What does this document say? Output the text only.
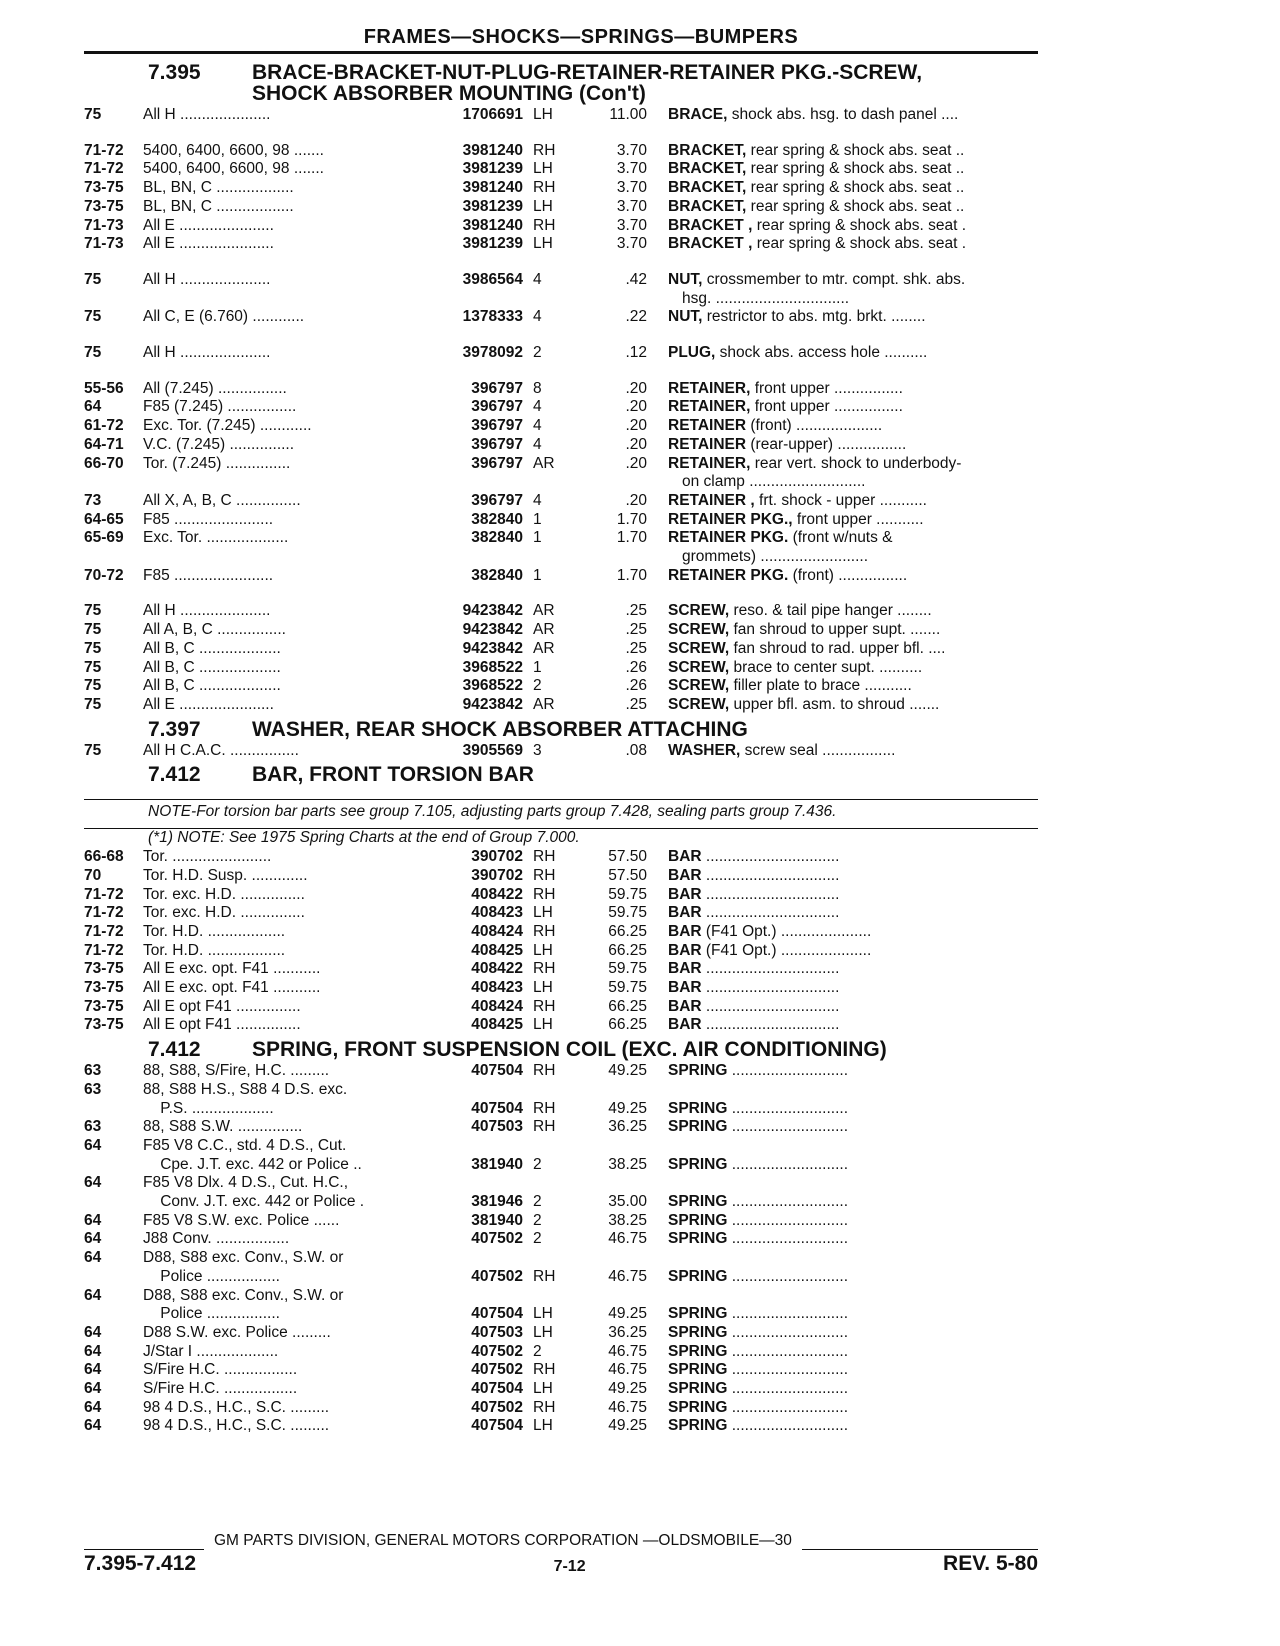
FRAMES—SHOCKS—SPRINGS—BUMPERS
7.395	BRACE-BRACKET-NUT-PLUG-RETAINER-RETAINER PKG.-SCREW,
SHOCK ABSORBER MOUNTING (Con't)
75	All H .....................	1706691 LH	11.00	BRACE, shock abs. hsg. to dash panel ....
71-72	5400, 6400, 6600, 98 .......	3981240 RH	3.70	BRACKET, rear spring & shock abs. seat ..
71-72	5400, 6400, 6600, 98 .......	3981239 LH	3.70	BRACKET, rear spring & shock abs. seat ..
73-75	BL, BN, C ..................	3981240 RH	3.70	BRACKET, rear spring & shock abs. seat ..
73-75	BL, BN, C ..................	3981239 LH	3.70	BRACKET, rear spring & shock abs. seat ..
71-73	All E ......................	3981240 RH	3.70	BRACKET , rear spring & shock abs. seat .
71-73	All E ......................	3981239 LH	3.70	BRACKET , rear spring & shock abs. seat .
75	All H .....................	3986564 4	.42	NUT, crossmember to mtr. compt. shk. abs.
hsg. ...............................
75	All C, E (6.760) ............	1378333 4	.22	NUT, restrictor to abs. mtg. brkt. ........
75	All H .....................	3978092 2	.12	PLUG, shock abs. access hole ..........
55-56	All (7.245) ................	396797 8	.20	RETAINER, front upper ................
64	F85 (7.245) ................	396797 4	.20	RETAINER, front upper ................
61-72	Exc. Tor. (7.245) ............	396797 4	.20	RETAINER (front) ....................
64-71	V.C. (7.245) ...............	396797 4	.20	RETAINER (rear-upper) ................
66-70	Tor. (7.245) ...............	396797 AR	.20	RETAINER, rear vert. shock to underbody-
on clamp ...........................
73	All X, A, B, C ...............	396797 4	.20	RETAINER , frt. shock - upper ...........
64-65	F85 .......................	382840 1	1.70	RETAINER PKG., front upper ...........
65-69	Exc. Tor. ...................	382840 1	1.70	RETAINER PKG. (front w/nuts &
grommets) .........................
70-72	F85 .......................	382840 1	1.70	RETAINER PKG. (front) ................
75	All H .....................	9423842 AR	.25	SCREW, reso. & tail pipe hanger ........
75	All A, B, C ................	9423842 AR	.25	SCREW, fan shroud to upper supt. .......
75	All B, C ...................	9423842 AR	.25	SCREW, fan shroud to rad. upper bfl. ....
75	All B, C ...................	3968522 1	.26	SCREW, brace to center supt. ..........
75	All B, C ...................	3968522 2	.26	SCREW, filler plate to brace ...........
75	All E ......................	9423842 AR	.25	SCREW, upper bfl. asm. to shroud .......
7.397	WASHER, REAR SHOCK ABSORBER ATTACHING
75	All H C.A.C. ................	3905569 3	.08	WASHER, screw seal .................
7.412	BAR, FRONT TORSION BAR
NOTE-For torsion bar parts see group 7.105, adjusting parts group 7.428, sealing parts group 7.436.
(*1) NOTE: See 1975 Spring Charts at the end of Group 7.000.
66-68	Tor. .......................	390702 RH	57.50	BAR ...............................
70	Tor. H.D. Susp. .............	390702 RH	57.50	BAR ...............................
71-72	Tor. exc. H.D. ...............	408422 RH	59.75	BAR ...............................
71-72	Tor. exc. H.D. ...............	408423 LH	59.75	BAR ...............................
71-72	Tor. H.D. ..................	408424 RH	66.25	BAR (F41 Opt.) .....................
71-72	Tor. H.D. ..................	408425 LH	66.25	BAR (F41 Opt.) .....................
73-75	All E exc. opt. F41 ...........	408422 RH	59.75	BAR ...............................
73-75	All E exc. opt. F41 ...........	408423 LH	59.75	BAR ...............................
73-75	All E opt F41 ...............	408424 RH	66.25	BAR ...............................
73-75	All E opt F41 ...............	408425 LH	66.25	BAR ...............................
7.412	SPRING, FRONT SUSPENSION COIL (EXC. AIR CONDITIONING)
63	88, S88, S/Fire, H.C. .........	407504 RH	49.25	SPRING ...........................
63	88, S88 H.S., S88 4 D.S. exc.
P.S. ...................	407504 RH	49.25	SPRING ...........................
63	88, S88 S.W. ...............	407503 RH	36.25	SPRING ...........................
64	F85 V8 C.C., std. 4 D.S., Cut.
Cpe. J.T. exc. 442 or Police ..	381940 2	38.25	SPRING ...........................
64	F85 V8 Dlx. 4 D.S., Cut. H.C.,
Conv. J.T. exc. 442 or Police .	381946 2	35.00	SPRING ...........................
64	F85 V8 S.W. exc. Police ......	381940 2	38.25	SPRING ...........................
64	J88 Conv. .................	407502 2	46.75	SPRING ...........................
64	D88, S88 exc. Conv., S.W. or
Police .................	407502 RH	46.75	SPRING ...........................
64	D88, S88 exc. Conv., S.W. or
Police .................	407504 LH	49.25	SPRING ...........................
64	D88 S.W. exc. Police .........	407503 LH	36.25	SPRING ...........................
64	J/Star I ...................	407502 2	46.75	SPRING ...........................
64	S/Fire H.C. .................	407502 RH	46.75	SPRING ...........................
64	S/Fire H.C. .................	407504 LH	49.25	SPRING ...........................
64	98 4 D.S., H.C., S.C. .........	407502 RH	46.75	SPRING ...........................
64	98 4 D.S., H.C., S.C. .........	407504 LH	49.25	SPRING ...........................
GM PARTS DIVISION, GENERAL MOTORS CORPORATION —OLDSMOBILE—30
7.395-7.412	7-12	REV. 5-80
